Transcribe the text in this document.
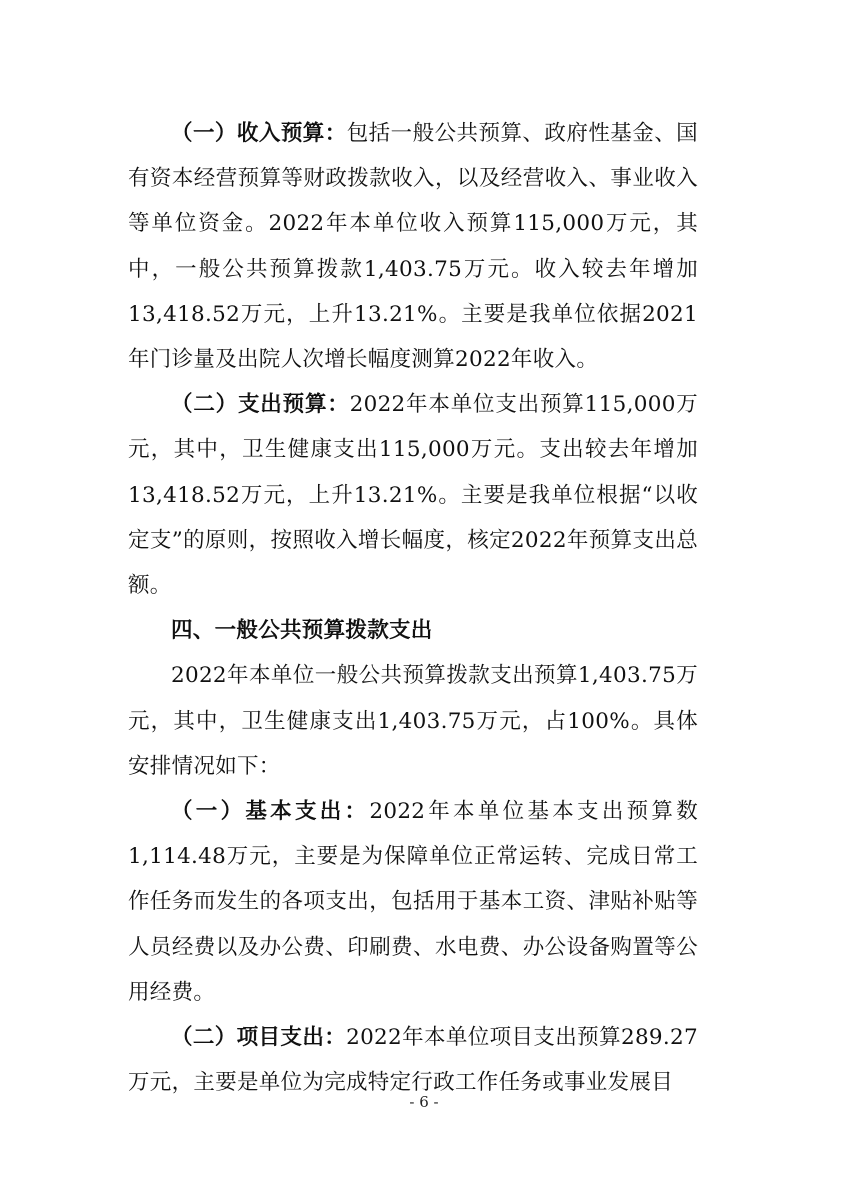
（一）收入预算：包括一般公共预算、政府性基金、国有资本经营预算等财政拨款收入，以及经营收入、事业收入等单位资金。2022年本单位收入预算115,000万元，其中，一般公共预算拨款1,403.75万元。收入较去年增加13,418.52万元，上升13.21%。主要是我单位依据2021年门诊量及出院人次增长幅度测算2022年收入。

（二）支出预算：2022年本单位支出预算115,000万元，其中，卫生健康支出115,000万元。支出较去年增加13,418.52万元，上升13.21%。主要是我单位根据“以收定支”的原则，按照收入增长幅度，核定2022年预算支出总额。

四、一般公共预算拨款支出

2022年本单位一般公共预算拨款支出预算1,403.75万元，其中，卫生健康支出1,403.75万元，占100%。具体安排情况如下：

（一）基本支出：2022年本单位基本支出预算数1,114.48万元，主要是为保障单位正常运转、完成日常工作任务而发生的各项支出，包括用于基本工资、津贴补贴等人员经费以及办公费、印刷费、水电费、办公设备购置等公用经费。

（二）项目支出：2022年本单位项目支出预算289.27万元，主要是单位为完成特定行政工作任务或事业发展目

- 6 -
